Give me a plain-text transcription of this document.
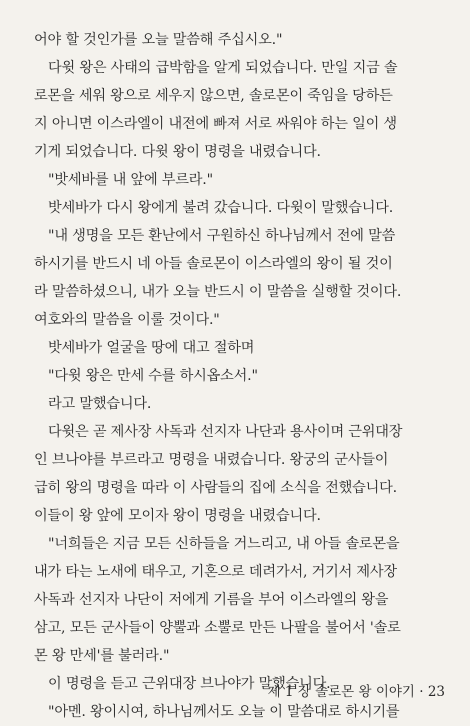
어야 할 것인가를 오늘 말씀해 주십시오."
다윗 왕은 사태의 급박함을 알게 되었습니다. 만일 지금 솔
로몬을 세워 왕으로 세우지 않으면, 솔로몬이 죽임을 당하든
지 아니면 이스라엘이 내전에 빠져 서로 싸워야 하는 일이 생
기게 되었습니다. 다윗 왕이 명령을 내렸습니다.
"밧세바를 내 앞에 부르라."
밧세바가 다시 왕에게 불려 갔습니다. 다윗이 말했습니다.
"내 생명을 모든 환난에서 구원하신 하나님께서 전에 말씀
하시기를 반드시 네 아들 솔로몬이 이스라엘의 왕이 될 것이
라 말씀하셨으니, 내가 오늘 반드시 이 말씀을 실행할 것이다.
여호와의 말씀을 이룰 것이다."
밧세바가 얼굴을 땅에 대고 절하며
"다윗 왕은 만세 수를 하시옵소서."
라고 말했습니다.
다윗은 곧 제사장 사독과 선지자 나단과 용사이며 근위대장
인 브나야를 부르라고 명령을 내렸습니다. 왕궁의 군사들이
급히 왕의 명령을 따라 이 사람들의 집에 소식을 전했습니다.
이들이 왕 앞에 모이자 왕이 명령을 내렸습니다.
"너희들은 지금 모든 신하들을 거느리고, 내 아들 솔로몬을
내가 타는 노새에 태우고, 기혼으로 데려가서, 거기서 제사장
사독과 선지자 나단이 저에게 기름을 부어 이스라엘의 왕을
삼고, 모든 군사들이 양뿔과 소뿔로 만든 나팔을 불어서 '솔로
몬 왕 만세'를 불러라."
이 명령을 듣고 근위대장 브나야가 말했습니다.
"아멘. 왕이시여, 하나님께서도 오늘 이 말씀대로 하시기를
제 1 장 솔로몬 왕 이야기 · 23
